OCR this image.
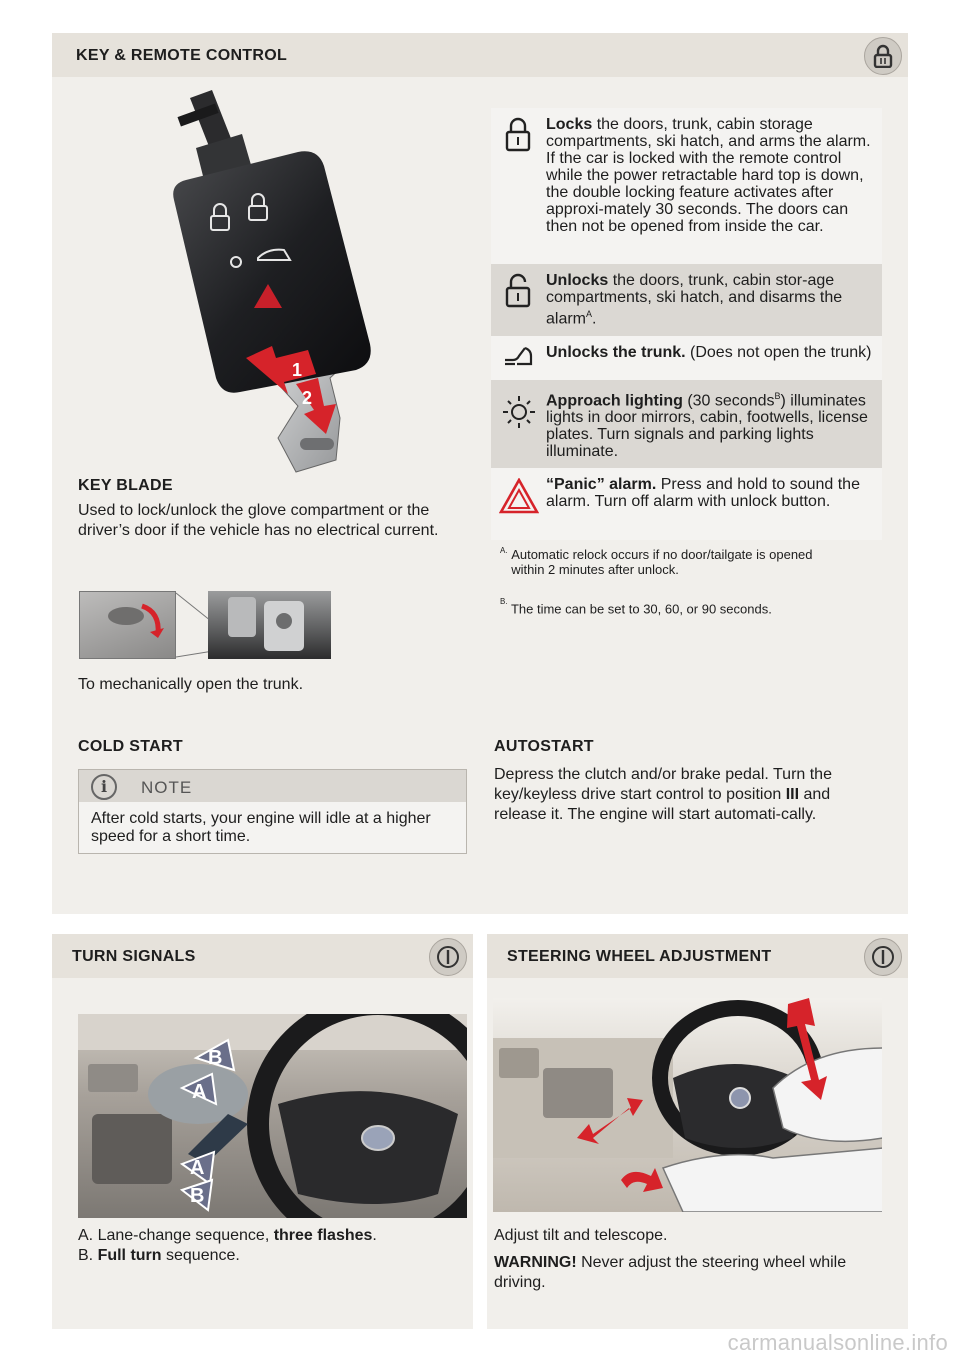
KEY & REMOTE CONTROL
1
2
KEY BLADE
Used to lock/unlock the glove compartment or the driver’s door if the vehicle has no electrical current.
To mechanically open the trunk.
Locks the doors, trunk, cabin storage compartments, ski hatch, and arms the alarm. If the car is locked with the remote control while the power retractable hard top is down, the double locking feature activates after approxi-mately 30 seconds. The doors can then not be opened from inside the car.
Unlocks the doors, trunk, cabin stor-age compartments, ski hatch, and disarms the alarm$^A$.
Unlocks the trunk. (Does not open the trunk)
Approach lighting (30 seconds$^B$) illuminates lights in door mirrors, cabin, footwells, license plates. Turn signals and parking lights illuminate.
“Panic” alarm. Press and hold to sound the alarm. Turn off alarm with unlock button.
$^{A.}$ Automatic relock occurs if no door/tailgate is opened within 2 minutes after unlock.
$^{B.}$ The time can be set to 30, 60, or 90 seconds.
COLD START
i	NOTE
After cold starts, your engine will idle at a higher speed for a short time.
AUTOSTART
Depress the clutch and/or brake pedal. Turn the key/keyless drive start control to position III and release it. The engine will start automati-cally.
TURN SIGNALS
B
A
A
B
A. Lane-change sequence, three flashes.
B. Full turn sequence.
STEERING WHEEL ADJUSTMENT
Adjust tilt and telescope.
WARNING! Never adjust the steering wheel while driving.
carmanualsonline.info
